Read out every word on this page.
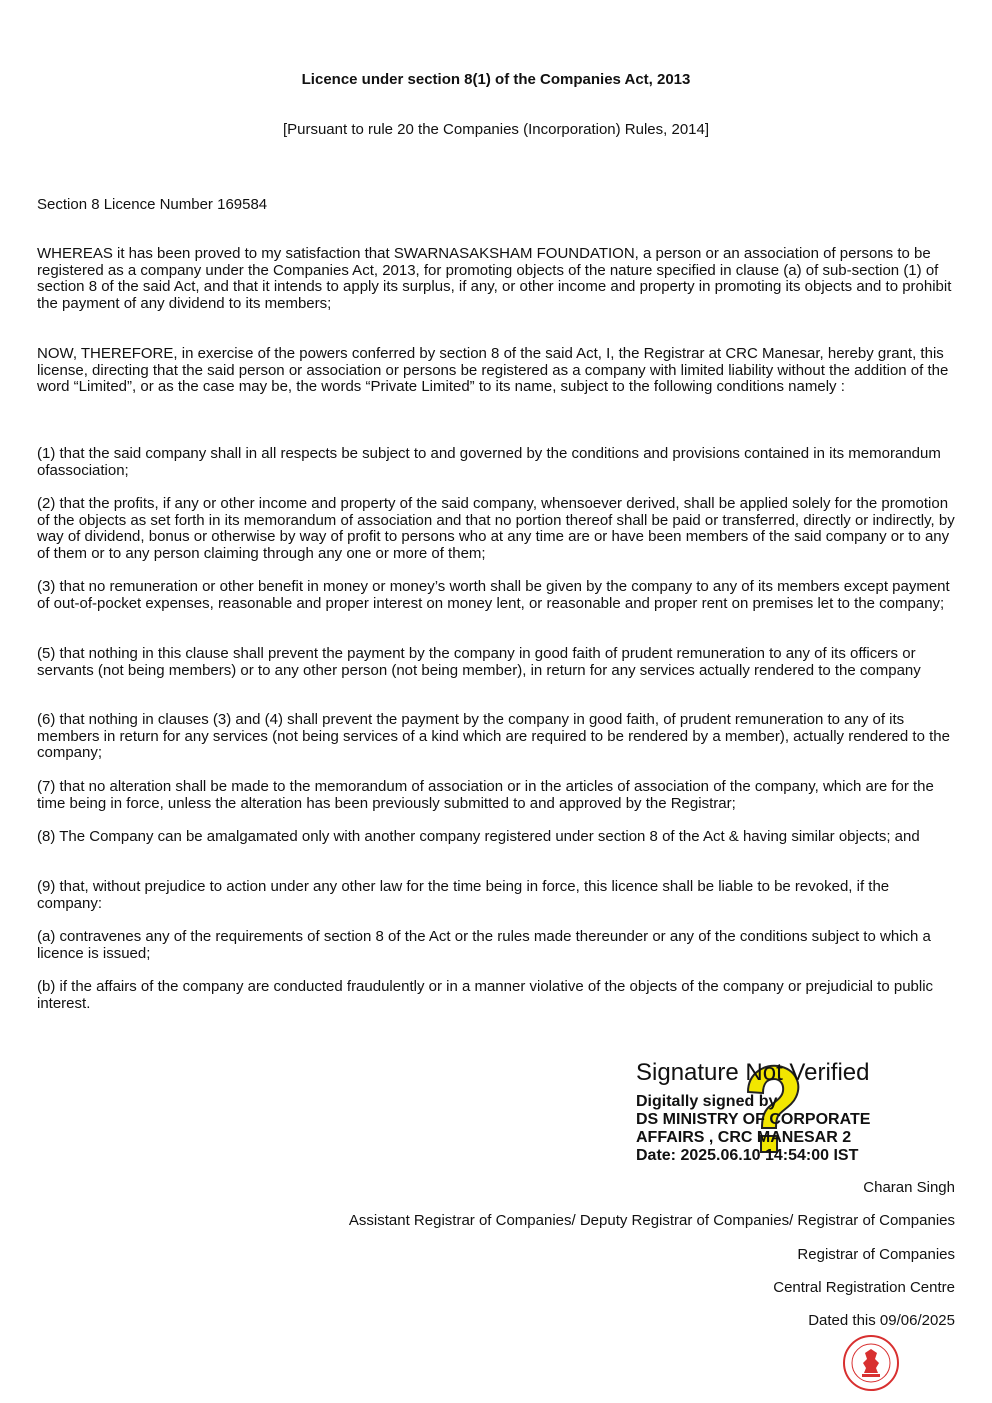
Licence under section 8(1) of the Companies Act, 2013
[Pursuant to rule 20 the Companies (Incorporation) Rules, 2014]
Section 8 Licence Number 169584

WHEREAS it has been proved to my satisfaction that SWARNASAKSHAM FOUNDATION, a person or an association of persons to be registered as a company under the Companies Act, 2013, for promoting objects of the nature specified in clause (a) of sub-section (1) of section 8 of the said Act, and that it intends to apply its surplus, if any, or other income and property in promoting its objects and to prohibit the payment of any dividend to its members;

NOW, THEREFORE, in exercise of the powers conferred by section 8 of the said Act, I, the Registrar at CRC Manesar, hereby grant, this license, directing that the said person or association or persons be registered as a company with limited liability without the addition of the word “Limited”, or as the case may be, the words “Private Limited” to its name, subject to the following conditions namely :

(1) that the said company shall in all respects be subject to and governed by the conditions and provisions contained in its memorandum ofassociation;

(2) that the profits, if any or other income and property of the said company, whensoever derived, shall be applied solely for the promotion of the objects as set forth in its memorandum of association and that no portion thereof shall be paid or transferred, directly or indirectly, by way of dividend, bonus or otherwise by way of profit to persons who at any time are or have been members of the said company or to any of them or to any person claiming through any one or more of them;

(3) that no remuneration or other benefit in money or money’s worth shall be given by the company to any of its members except payment of out-of-pocket expenses, reasonable and proper interest on money lent, or reasonable and proper rent on premises let to the company;

(5) that nothing in this clause shall prevent the payment by the company in good faith of prudent remuneration to any of its officers or servants (not being members) or to any other person (not being member), in return for any services actually rendered to the company

(6) that nothing in clauses (3) and (4) shall prevent the payment by the company in good faith, of prudent remuneration to any of its members in return for any services (not being services of a kind which are required to be rendered by a member), actually rendered to the company;

(7) that no alteration shall be made to the memorandum of association or in the articles of association of the company, which are for the time being in force, unless the alteration has been previously submitted to and approved by the Registrar;

(8) The Company can be amalgamated only with another company registered under section 8 of the Act & having similar objects; and

(9) that, without prejudice to action under any other law for the time being in force, this licence shall be liable to be revoked, if the company:

(a) contravenes any of the requirements of section 8 of the Act or the rules made thereunder or any of the conditions subject to which a licence is issued;

(b) if the affairs of the company are conducted fraudulently or in a manner violative of the objects of the company or prejudicial to public interest.

Signature Not Verified
Digitally signed by
DS MINISTRY OF CORPORATE
AFFAIRS , CRC MANESAR 2
Date: 2025.06.10 14:54:00 IST
Charan Singh
Assistant Registrar of Companies/ Deputy Registrar of Companies/ Registrar of Companies
Registrar of Companies
Central Registration Centre
Dated this 09/06/2025
